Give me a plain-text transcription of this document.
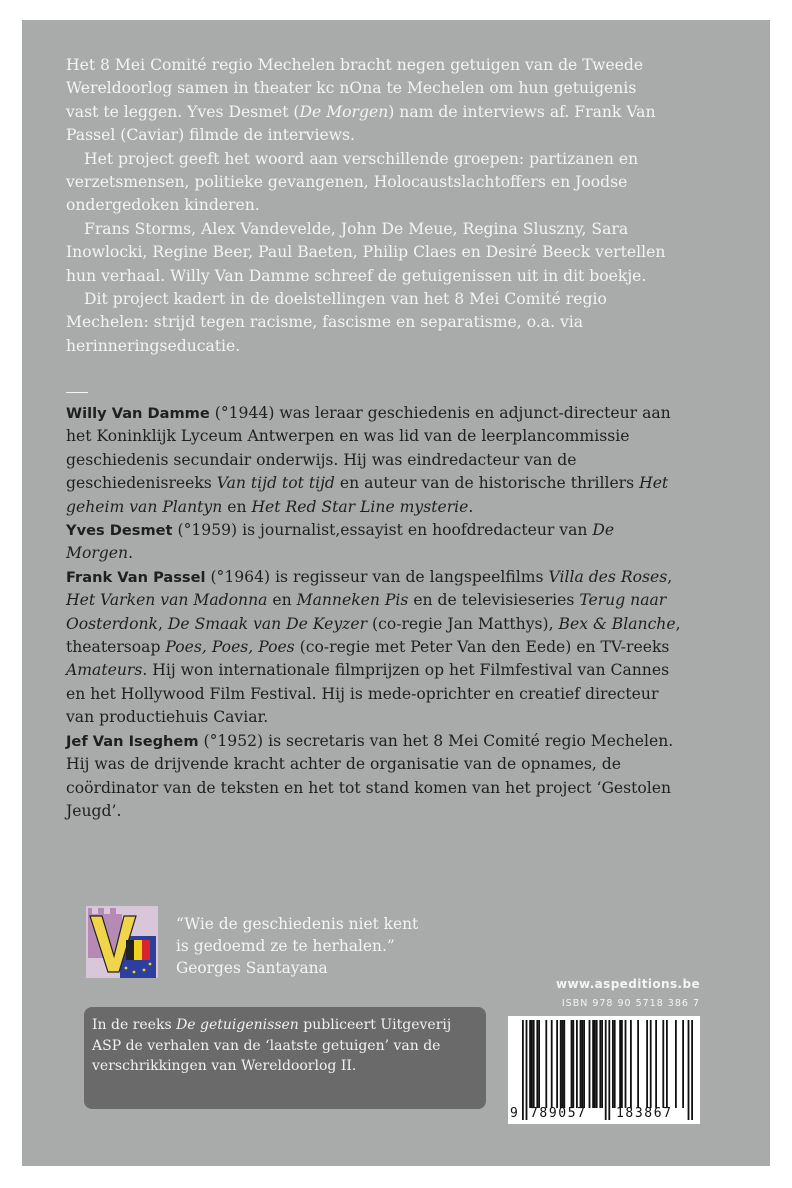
Het 8 Mei Comité regio Mechelen bracht negen getuigen van de Tweede Wereldoorlog samen in theater kc nOna te Mechelen om hun getuigenis vast te leggen. Yves Desmet (De Morgen) nam de interviews af. Frank Van Passel (Caviar) filmde de interviews.

Het project geeft het woord aan verschillende groepen: partizanen en verzetsmensen, politieke gevangenen, Holocaustslachtoffers en Joodse ondergedoken kinderen.

Frans Storms, Alex Vandevelde, John De Meue, Regina Sluszny, Sara Inowlocki, Regine Beer, Paul Baeten, Philip Claes en Desiré Beeck vertellen hun verhaal. Willy Van Damme schreef de getuigenissen uit in dit boekje.

Dit project kadert in de doelstellingen van het 8 Mei Comité regio Mechelen: strijd tegen racisme, fascisme en separatisme, o.a. via herinneringseducatie.

Willy Van Damme (°1944) was leraar geschiedenis en adjunct-directeur aan het Koninklijk Lyceum Antwerpen en was lid van de leerplancommissie geschiedenis secundair onderwijs. Hij was eindredacteur van de geschiedenisreeks Van tijd tot tijd en auteur van de historische thrillers Het geheim van Plantyn en Het Red Star Line mysterie.

Yves Desmet (°1959) is journalist,essayist en hoofdredacteur van De Morgen.

Frank Van Passel (°1964) is regisseur van de langspeelfilms Villa des Roses, Het Varken van Madonna en Manneken Pis en de televisieseries Terug naar Oosterdonk, De Smaak van De Keyzer (co-regie Jan Matthys), Bex & Blanche, theatersoap Poes, Poes, Poes (co-regie met Peter Van den Eede) en TV-reeks Amateurs. Hij won internationale filmprijzen op het Filmfestival van Cannes en het Hollywood Film Festival. Hij is mede-oprichter en creatief directeur van productiehuis Caviar.

Jef Van Iseghem (°1952) is secretaris van het 8 Mei Comité regio Mechelen. Hij was de drijvende kracht achter de organisatie van de opnames, de coördinator van de teksten en het tot stand komen van het project ‘Gestolen Jeugd’.

“Wie de geschiedenis niet kent
is gedoemd ze te herhalen.”
Georges Santayana
In de reeks De getuigenissen publiceert Uitgeverij ASP de verhalen van de ‘laatste getuigen’ van de verschrikkingen van Wereldoorlog II.
www.aspeditions.be
ISBN 978 90 5718 386 7
9 789057 183867
